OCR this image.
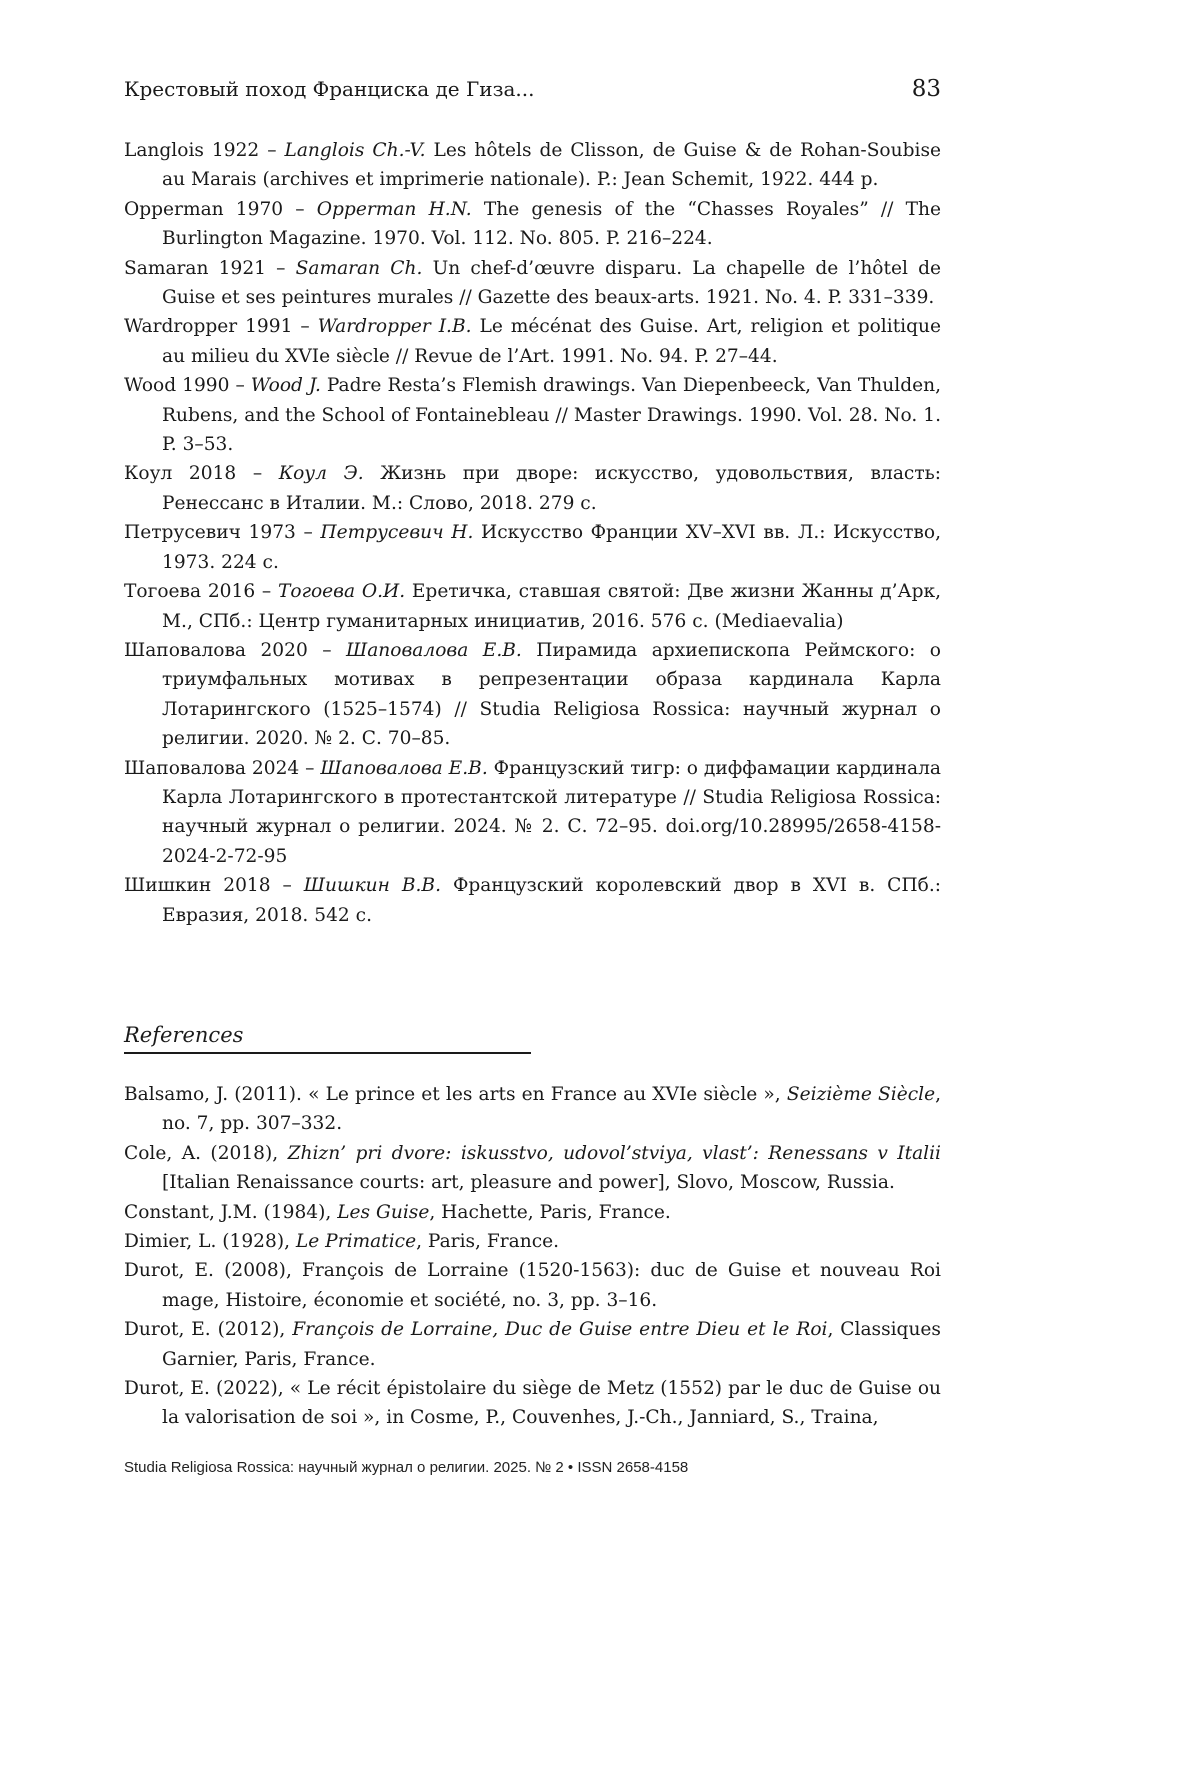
Крестовый поход Франциска де Гиза...	83

Langlois 1922 – Langlois Ch.-V. Les hôtels de Clisson, de Guise & de Rohan-Soubise au Marais (archives et imprimerie nationale). P.: Jean Schemit, 1922. 444 p.

Opperman 1970 – Opperman H.N. The genesis of the “Chasses Royales” // The Burlington Magazine. 1970. Vol. 112. No. 805. P. 216–224.

Samaran 1921 – Samaran Ch. Un chef-d’œuvre disparu. La chapelle de l’hôtel de Guise et ses peintures murales // Gazette des beaux-arts. 1921. No. 4. P. 331–339.

Wardropper 1991 – Wardropper I.B. Le mécénat des Guise. Art, religion et politique au milieu du XVIe siècle // Revue de l’Art. 1991. No. 94. P. 27–44.

Wood 1990 – Wood J. Padre Resta’s Flemish drawings. Van Diepenbeeck, Van Thulden, Rubens, and the School of Fontainebleau // Master Drawings. 1990. Vol. 28. No. 1. P. 3–53.

Коул 2018 – Коул Э. Жизнь при дворе: искусство, удовольствия, власть: Ренессанс в Италии. М.: Слово, 2018. 279 с.

Петрусевич 1973 – Петрусевич Н. Искусство Франции XV–XVI вв. Л.: Искусство, 1973. 224 с.

Тогоева 2016 – Тогоева О.И. Еретичка, ставшая святой: Две жизни Жанны д’Арк, М., СПб.: Центр гуманитарных инициатив, 2016. 576 с. (Mediaevalia)

Шаповалова 2020 – Шаповалова Е.В. Пирамида архиепископа Реймского: о триумфальных мотивах в репрезентации образа кардинала Карла Лотарингского (1525–1574) // Studia Religiosa Rossica: научный журнал о религии. 2020. № 2. С. 70–85.

Шаповалова 2024 – Шаповалова Е.В. Французский тигр: о диффамации кардинала Карла Лотарингского в протестантской литературе // Studia Religiosa Rossica: научный журнал о религии. 2024. № 2. С. 72–95. doi.org/10.28995/2658-4158-2024-2-72-95

Шишкин 2018 – Шишкин В.В. Французский королевский двор в XVI в. СПб.: Евразия, 2018. 542 с.

References

Balsamo, J. (2011). « Le prince et les arts en France au XVIe siècle », Seizième Siècle, no. 7, pp. 307–332.

Cole, A. (2018), Zhizn’ pri dvore: iskusstvo, udovol’stviya, vlast’: Renessans v Italii [Italian Renaissance courts: art, pleasure and power], Slovo, Moscow, Russia.

Constant, J.M. (1984), Les Guise, Hachette, Paris, France.

Dimier, L. (1928), Le Primatice, Paris, France.

Durot, E. (2008), François de Lorraine (1520-1563): duc de Guise et nouveau Roi mage, Histoire, économie et société, no. 3, pp. 3–16.

Durot, E. (2012), François de Lorraine, Duc de Guise entre Dieu et le Roi, Classiques Garnier, Paris, France.

Durot, E. (2022), « Le récit épistolaire du siège de Metz (1552) par le duc de Guise ou la valorisation de soi », in Cosme, P., Couvenhes, J.-Ch., Janniard, S., Traina,

Studia Religiosa Rossica: научный журнал о религии. 2025. № 2 • ISSN 2658-4158
